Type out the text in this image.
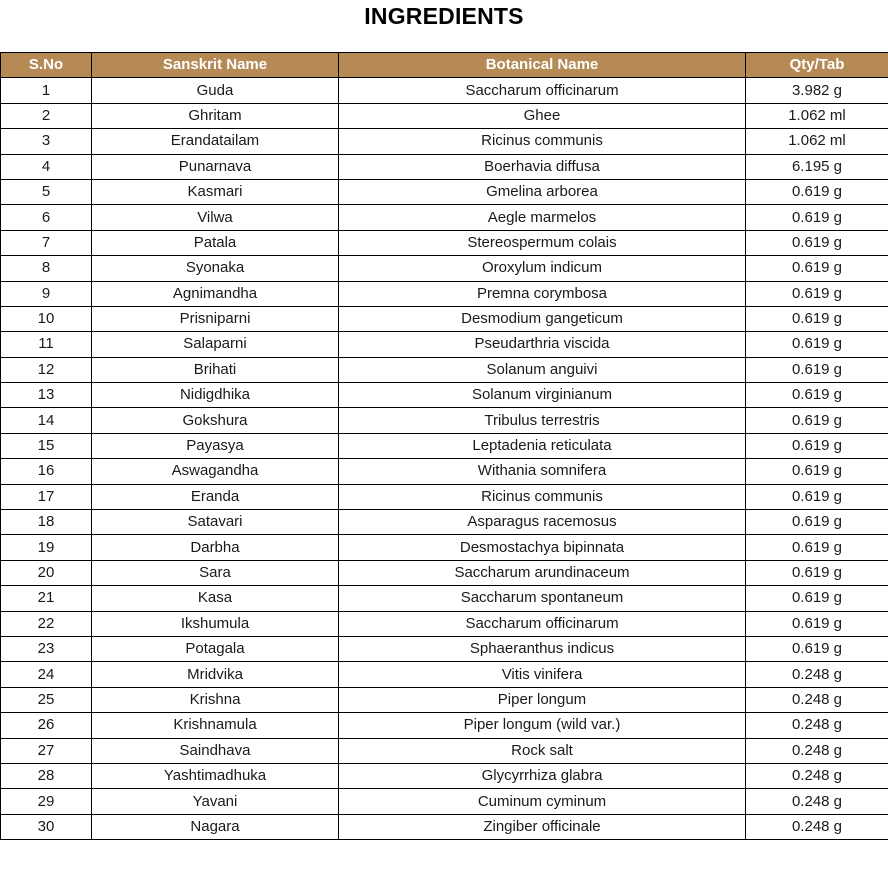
INGREDIENTS
S.No	Sanskrit Name	Botanical Name	Qty/Tab
1	Guda	Saccharum officinarum	3.982 g
2	Ghritam	Ghee	1.062 ml
3	Erandatailam	Ricinus communis	1.062 ml
4	Punarnava	Boerhavia diffusa	6.195 g
5	Kasmari	Gmelina arborea	0.619 g
6	Vilwa	Aegle marmelos	0.619 g
7	Patala	Stereospermum colais	0.619 g
8	Syonaka	Oroxylum indicum	0.619 g
9	Agnimandha	Premna corymbosa	0.619 g
10	Prisniparni	Desmodium gangeticum	0.619 g
11	Salaparni	Pseudarthria viscida	0.619 g
12	Brihati	Solanum anguivi	0.619 g
13	Nidigdhika	Solanum virginianum	0.619 g
14	Gokshura	Tribulus terrestris	0.619 g
15	Payasya	Leptadenia reticulata	0.619 g
16	Aswagandha	Withania somnifera	0.619 g
17	Eranda	Ricinus communis	0.619 g
18	Satavari	Asparagus racemosus	0.619 g
19	Darbha	Desmostachya bipinnata	0.619 g
20	Sara	Saccharum arundinaceum	0.619 g
21	Kasa	Saccharum spontaneum	0.619 g
22	Ikshumula	Saccharum officinarum	0.619 g
23	Potagala	Sphaeranthus indicus	0.619 g
24	Mridvika	Vitis vinifera	0.248 g
25	Krishna	Piper longum	0.248 g
26	Krishnamula	Piper longum (wild var.)	0.248 g
27	Saindhava	Rock salt	0.248 g
28	Yashtimadhuka	Glycyrrhiza glabra	0.248 g
29	Yavani	Cuminum cyminum	0.248 g
30	Nagara	Zingiber officinale	0.248 g
